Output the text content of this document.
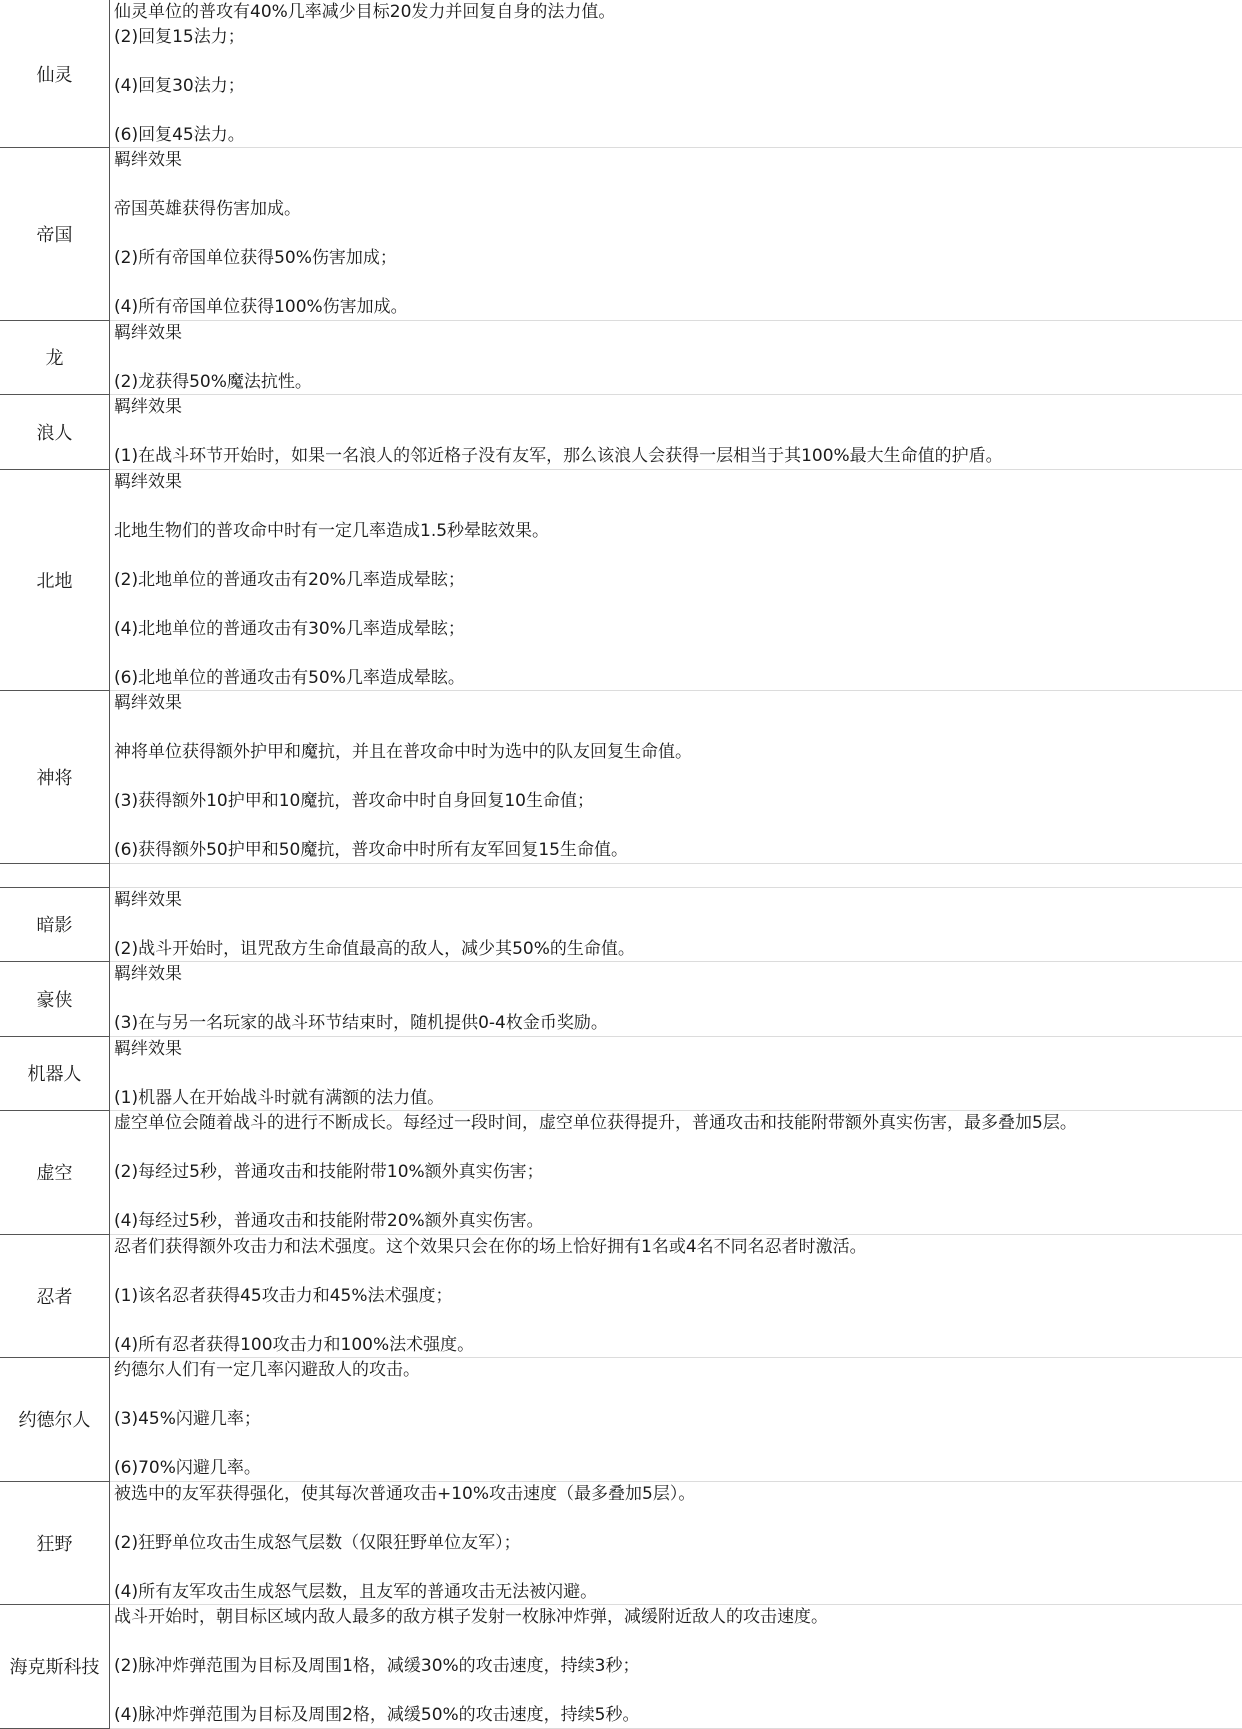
仙灵	仙灵单位的普攻有40%几率减少目标20发力并回复自身的法力值。
(2)回复15法力；
(4)回复30法力；
(6)回复45法力。

帝国	羁绊效果
帝国英雄获得伤害加成。
(2)所有帝国单位获得50%伤害加成；
(4)所有帝国单位获得100%伤害加成。

龙	羁绊效果
(2)龙获得50%魔法抗性。

浪人	羁绊效果
(1)在战斗环节开始时，如果一名浪人的邻近格子没有友军，那么该浪人会获得一层相当于其100%最大生命值的护盾。

北地	羁绊效果
北地生物们的普攻命中时有一定几率造成1.5秒晕眩效果。
(2)北地单位的普通攻击有20%几率造成晕眩；
(4)北地单位的普通攻击有30%几率造成晕眩；
(6)北地单位的普通攻击有50%几率造成晕眩。

神将	羁绊效果
神将单位获得额外护甲和魔抗，并且在普攻命中时为选中的队友回复生命值。
(3)获得额外10护甲和10魔抗，普攻命中时自身回复10生命值；
(6)获得额外50护甲和50魔抗，普攻命中时所有友军回复15生命值。

暗影	羁绊效果
(2)战斗开始时，诅咒敌方生命值最高的敌人，减少其50%的生命值。

豪侠	羁绊效果
(3)在与另一名玩家的战斗环节结束时，随机提供0-4枚金币奖励。

机器人	羁绊效果
(1)机器人在开始战斗时就有满额的法力值。

虚空	虚空单位会随着战斗的进行不断成长。每经过一段时间，虚空单位获得提升，普通攻击和技能附带额外真实伤害，最多叠加5层。
(2)每经过5秒，普通攻击和技能附带10%额外真实伤害；
(4)每经过5秒，普通攻击和技能附带20%额外真实伤害。

忍者	忍者们获得额外攻击力和法术强度。这个效果只会在你的场上恰好拥有1名或4名不同名忍者时激活。
(1)该名忍者获得45攻击力和45%法术强度；
(4)所有忍者获得100攻击力和100%法术强度。

约德尔人	约德尔人们有一定几率闪避敌人的攻击。
(3)45%闪避几率；
(6)70%闪避几率。

狂野	被选中的友军获得强化，使其每次普通攻击+10%攻击速度（最多叠加5层）。
(2)狂野单位攻击生成怒气层数（仅限狂野单位友军）；
(4)所有友军攻击生成怒气层数，且友军的普通攻击无法被闪避。

海克斯科技	战斗开始时，朝目标区域内敌人最多的敌方棋子发射一枚脉冲炸弹，减缓附近敌人的攻击速度。
(2)脉冲炸弹范围为目标及周围1格，减缓30%的攻击速度，持续3秒；
(4)脉冲炸弹范围为目标及周围2格，减缓50%的攻击速度，持续5秒。
